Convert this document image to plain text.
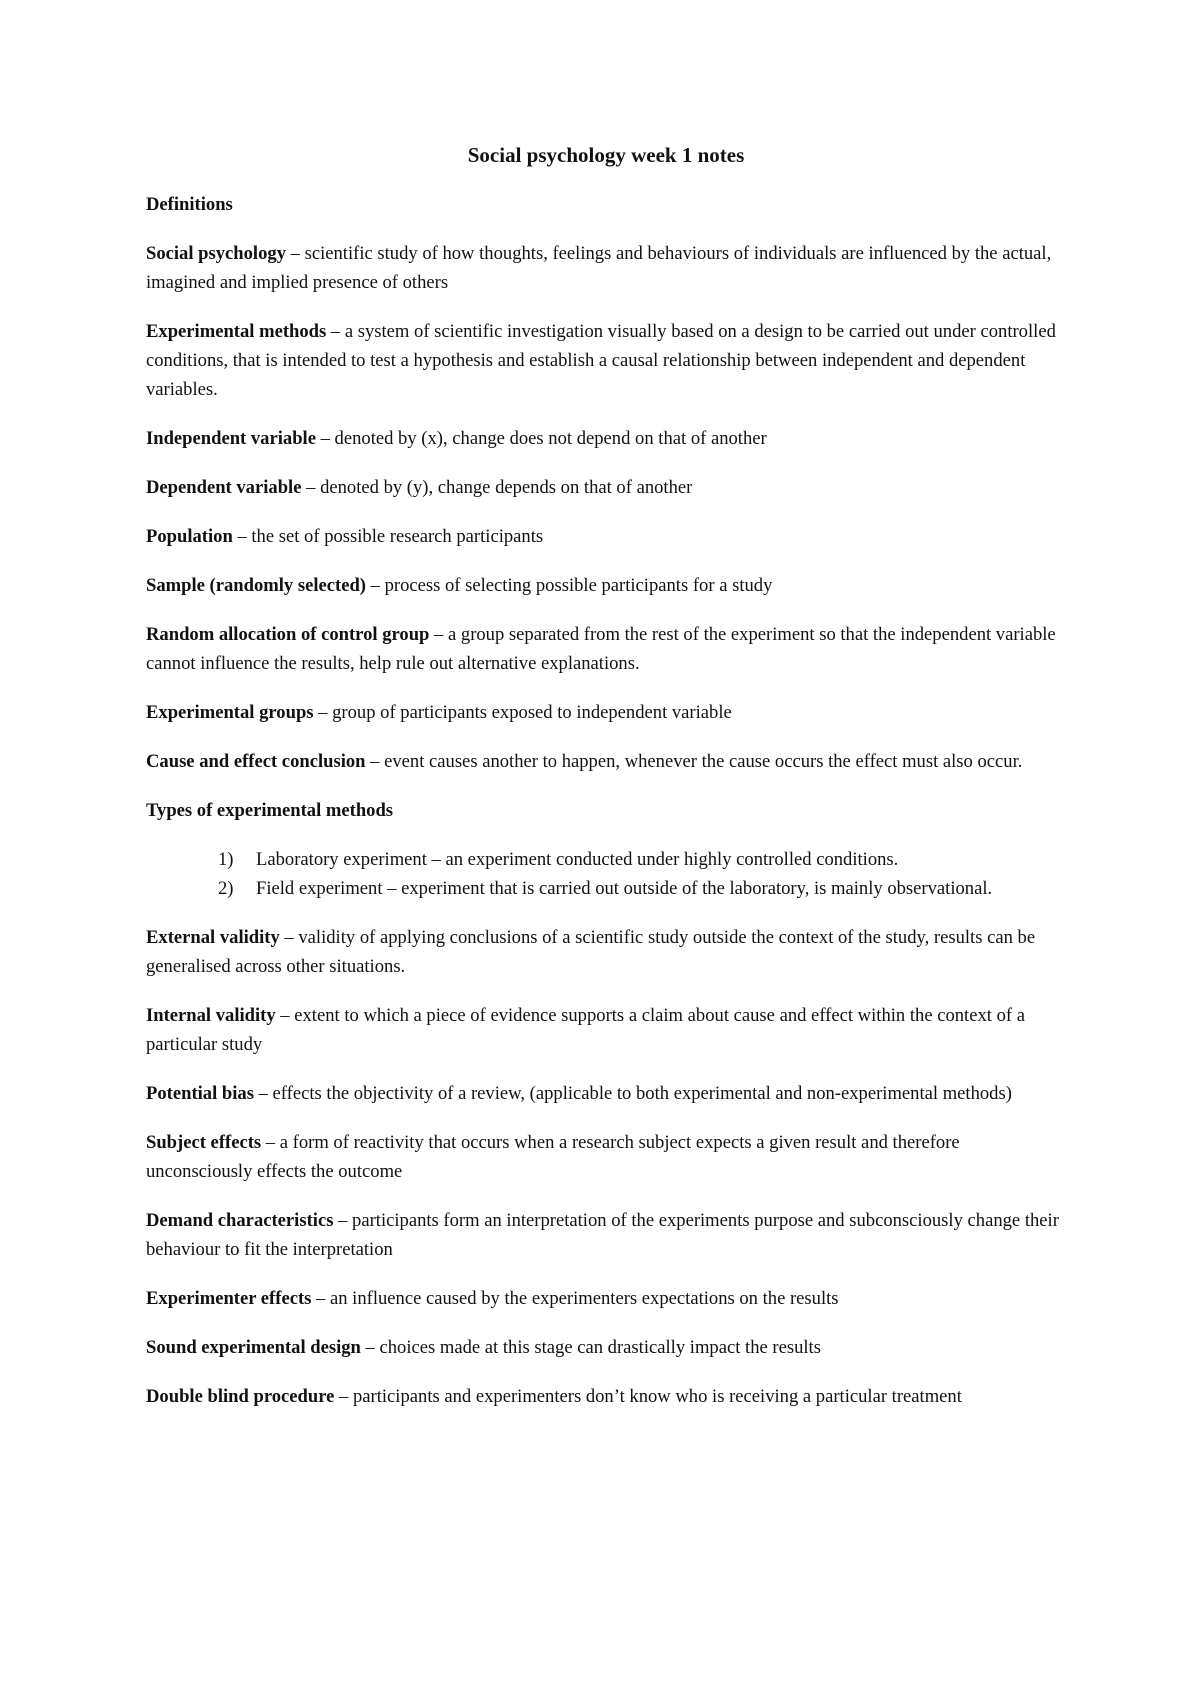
Social psychology week 1 notes
Definitions

Social psychology – scientific study of how thoughts, feelings and behaviours of individuals are influenced by the actual, imagined and implied presence of others

Experimental methods – a system of scientific investigation visually based on a design to be carried out under controlled conditions, that is intended to test a hypothesis and establish a causal relationship between independent and dependent variables.

Independent variable – denoted by (x), change does not depend on that of another

Dependent variable – denoted by (y), change depends on that of another

Population – the set of possible research participants

Sample (randomly selected) – process of selecting possible participants for a study

Random allocation of control group – a group separated from the rest of the experiment so that the independent variable cannot influence the results, help rule out alternative explanations.

Experimental groups – group of participants exposed to independent variable

Cause and effect conclusion – event causes another to happen, whenever the cause occurs the effect must also occur.

Types of experimental methods
1)	Laboratory experiment – an experiment conducted under highly controlled conditions.
2)	Field experiment – experiment that is carried out outside of the laboratory, is mainly observational.

External validity – validity of applying conclusions of a scientific study outside the context of the study, results can be generalised across other situations.

Internal validity – extent to which a piece of evidence supports a claim about cause and effect within the context of a particular study

Potential bias – effects the objectivity of a review, (applicable to both experimental and non-experimental methods)

Subject effects – a form of reactivity that occurs when a research subject expects a given result and therefore unconsciously effects the outcome

Demand characteristics – participants form an interpretation of the experiments purpose and subconsciously change their behaviour to fit the interpretation

Experimenter effects – an influence caused by the experimenters expectations on the results

Sound experimental design – choices made at this stage can drastically impact the results

Double blind procedure – participants and experimenters don’t know who is receiving a particular treatment
